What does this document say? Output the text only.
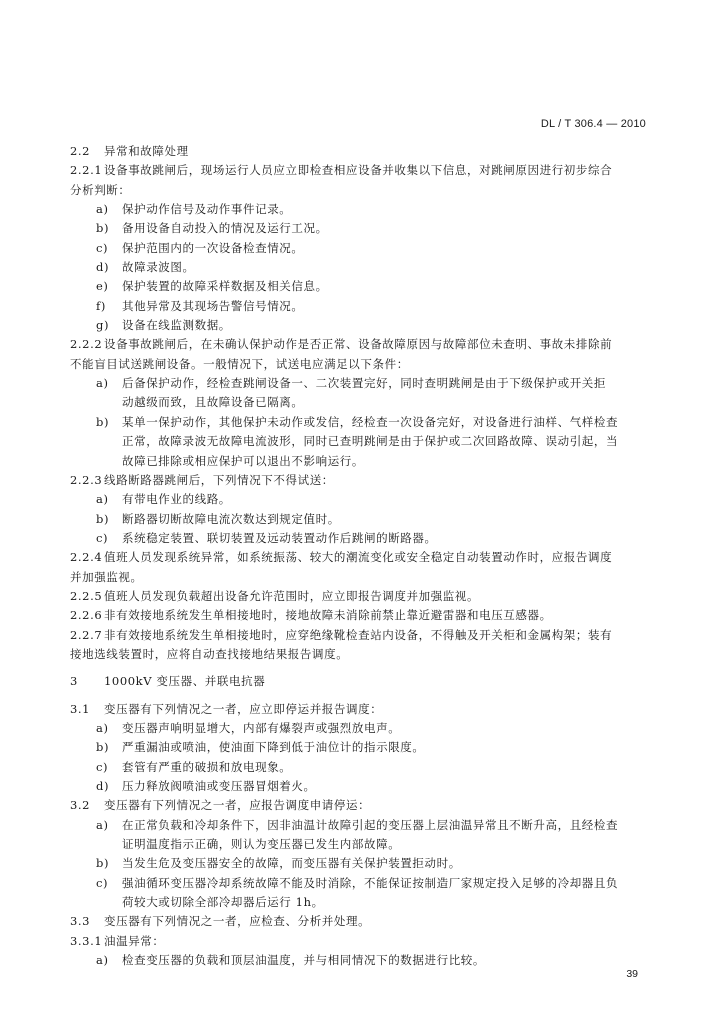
DL / T 306.4 — 2010
2.2 异常和故障处理
2.2.1 设备事故跳闸后，现场运行人员应立即检查相应设备并收集以下信息，对跳闸原因进行初步综合
分析判断：
a) 保护动作信号及动作事件记录。
b) 备用设备自动投入的情况及运行工况。
c) 保护范围内的一次设备检查情况。
d) 故障录波图。
e) 保护装置的故障采样数据及相关信息。
f) 其他异常及其现场告警信号情况。
g) 设备在线监测数据。
2.2.2 设备事故跳闸后，在未确认保护动作是否正常、设备故障原因与故障部位未查明、事故未排除前
不能盲目试送跳闸设备。一般情况下，试送电应满足以下条件：
a) 后备保护动作，经检查跳闸设备一、二次装置完好，同时查明跳闸是由于下级保护或开关拒
动越级而致，且故障设备已隔离。
b) 某单一保护动作，其他保护未动作或发信，经检查一次设备完好，对设备进行油样、气样检查
正常，故障录波无故障电流波形，同时已查明跳闸是由于保护或二次回路故障、误动引起，当
故障已排除或相应保护可以退出不影响运行。
2.2.3 线路断路器跳闸后，下列情况下不得试送：
a) 有带电作业的线路。
b) 断路器切断故障电流次数达到规定值时。
c) 系统稳定装置、联切装置及远动装置动作后跳闸的断路器。
2.2.4 值班人员发现系统异常，如系统振荡、较大的潮流变化或安全稳定自动装置动作时，应报告调度
并加强监视。
2.2.5 值班人员发现负载超出设备允许范围时，应立即报告调度并加强监视。
2.2.6 非有效接地系统发生单相接地时，接地故障未消除前禁止靠近避雷器和电压互感器。
2.2.7 非有效接地系统发生单相接地时，应穿绝缘靴检查站内设备，不得触及开关柜和金属构架；装有
接地选线装置时，应将自动查找接地结果报告调度。
3 1000kV 变压器、并联电抗器
3.1 变压器有下列情况之一者，应立即停运并报告调度：
a) 变压器声响明显增大，内部有爆裂声或强烈放电声。
b) 严重漏油或喷油，使油面下降到低于油位计的指示限度。
c) 套管有严重的破损和放电现象。
d) 压力释放阀喷油或变压器冒烟着火。
3.2 变压器有下列情况之一者，应报告调度申请停运：
a) 在正常负载和冷却条件下，因非油温计故障引起的变压器上层油温异常且不断升高，且经检查
证明温度指示正确，则认为变压器已发生内部故障。
b) 当发生危及变压器安全的故障，而变压器有关保护装置拒动时。
c) 强油循环变压器冷却系统故障不能及时消除，不能保证按制造厂家规定投入足够的冷却器且负
荷较大或切除全部冷却器后运行 1h。
3.3 变压器有下列情况之一者，应检查、分析并处理。
3.3.1 油温异常：
a) 检查变压器的负载和顶层油温度，并与相同情况下的数据进行比较。
39
